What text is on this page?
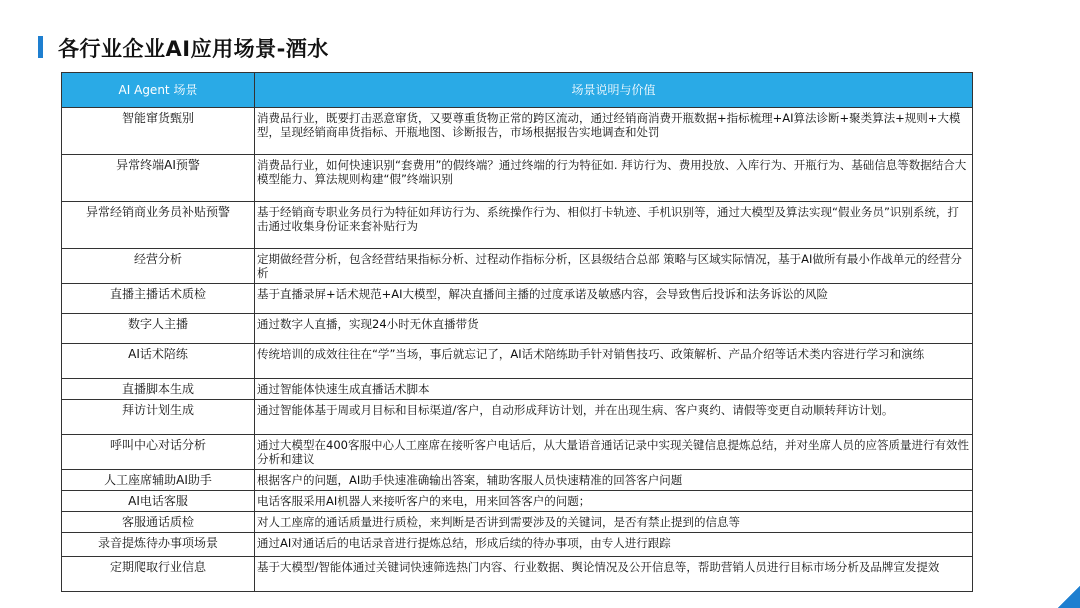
各行业企业AI应用场景-酒水
AI Agent 场景	场景说明与价值
智能窜货甄别	消费品行业，既要打击恶意窜货，又要尊重货物正常的跨区流动，通过经销商消费开瓶数据+指标梳理+AI算法诊断+聚类算法+规则+大模型，呈现经销商串货指标、开瓶地图、诊断报告，市场根据报告实地调查和处罚
异常终端AI预警	消费品行业，如何快速识别“套费用”的假终端？通过终端的行为特征如. 拜访行为、费用投放、入库行为、开瓶行为、基础信息等数据结合大模型能力、算法规则构建“假”终端识别
异常经销商业务员补贴预警	基于经销商专职业务员行为特征如拜访行为、系统操作行为、相似打卡轨迹、手机识别等，通过大模型及算法实现“假业务员”识别系统，打击通过收集身份证来套补贴行为
经营分析	定期做经营分析，包含经营结果指标分析、过程动作指标分析，区县级结合总部 策略与区域实际情况，基于AI做所有最小作战单元的经营分析
直播主播话术质检	基于直播录屏+话术规范+AI大模型，解决直播间主播的过度承诺及敏感内容，会导致售后投诉和法务诉讼的风险
数字人主播	通过数字人直播，实现24小时无休直播带货
AI话术陪练	传统培训的成效往往在“学”当场，事后就忘记了，AI话术陪练助手针对销售技巧、政策解析、产品介绍等话术类内容进行学习和演练
直播脚本生成	通过智能体快速生成直播话术脚本
拜访计划生成	通过智能体基于周或月目标和目标渠道/客户，自动形成拜访计划，并在出现生病、客户爽约、请假等变更自动顺转拜访计划。
呼叫中心对话分析	通过大模型在400客服中心人工座席在接听客户电话后，从大量语音通话记录中实现关键信息提炼总结，并对坐席人员的应答质量进行有效性分析和建议
人工座席辅助AI助手	根据客户的问题，AI助手快速准确输出答案，辅助客服人员快速精准的回答客户问题
AI电话客服	电话客服采用AI机器人来接听客户的来电，用来回答客户的问题；
客服通话质检	对人工座席的通话质量进行质检，来判断是否讲到需要涉及的关键词，是否有禁止提到的信息等
录音提炼待办事项场景	通过AI对通话后的电话录音进行提炼总结，形成后续的待办事项，由专人进行跟踪
定期爬取行业信息	基于大模型/智能体通过关键词快速筛选热门内容、行业数据、舆论情况及公开信息等，帮助营销人员进行目标市场分析及品牌宣发提效
